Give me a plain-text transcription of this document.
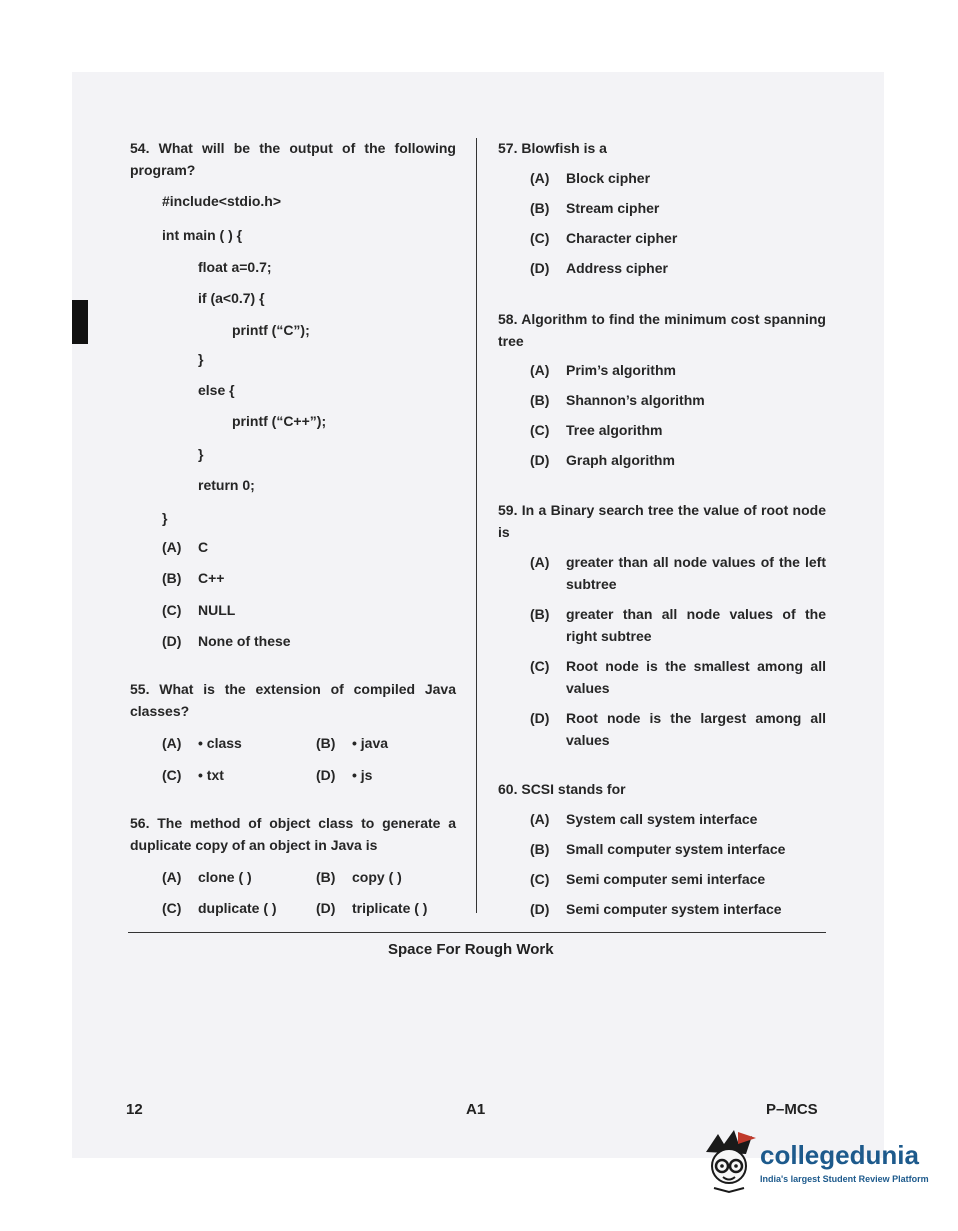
54. What will be the output of the following program?
#include<stdio.h>
int main ( ) {
float a=0.7;
if (a<0.7) {
printf (“C”);
}
else {
printf (“C++”);
}
return 0;
}
(A) C
(B) C++
(C) NULL
(D) None of these
55. What is the extension of compiled Java classes?
(A) • class	(B) • java
(C) • txt	(D) • js
56. The method of object class to generate a duplicate copy of an object in Java is
(A) clone ( )	(B) copy ( )
(C) duplicate ( )	(D) triplicate ( )
57. Blowfish is a
(A) Block cipher
(B) Stream cipher
(C) Character cipher
(D) Address cipher
58. Algorithm to find the minimum cost spanning tree
(A) Prim’s algorithm
(B) Shannon’s algorithm
(C) Tree algorithm
(D) Graph algorithm
59. In a Binary search tree the value of root node is
(A) greater than all node values of the left subtree
(B) greater than all node values of the right subtree
(C) Root node is the smallest among all values
(D) Root node is the largest among all values
60. SCSI stands for
(A) System call system interface
(B) Small computer system interface
(C) Semi computer semi interface
(D) Semi computer system interface
Space For Rough Work
12	A1	P–MCS
collegedunia
India's largest Student Review Platform
